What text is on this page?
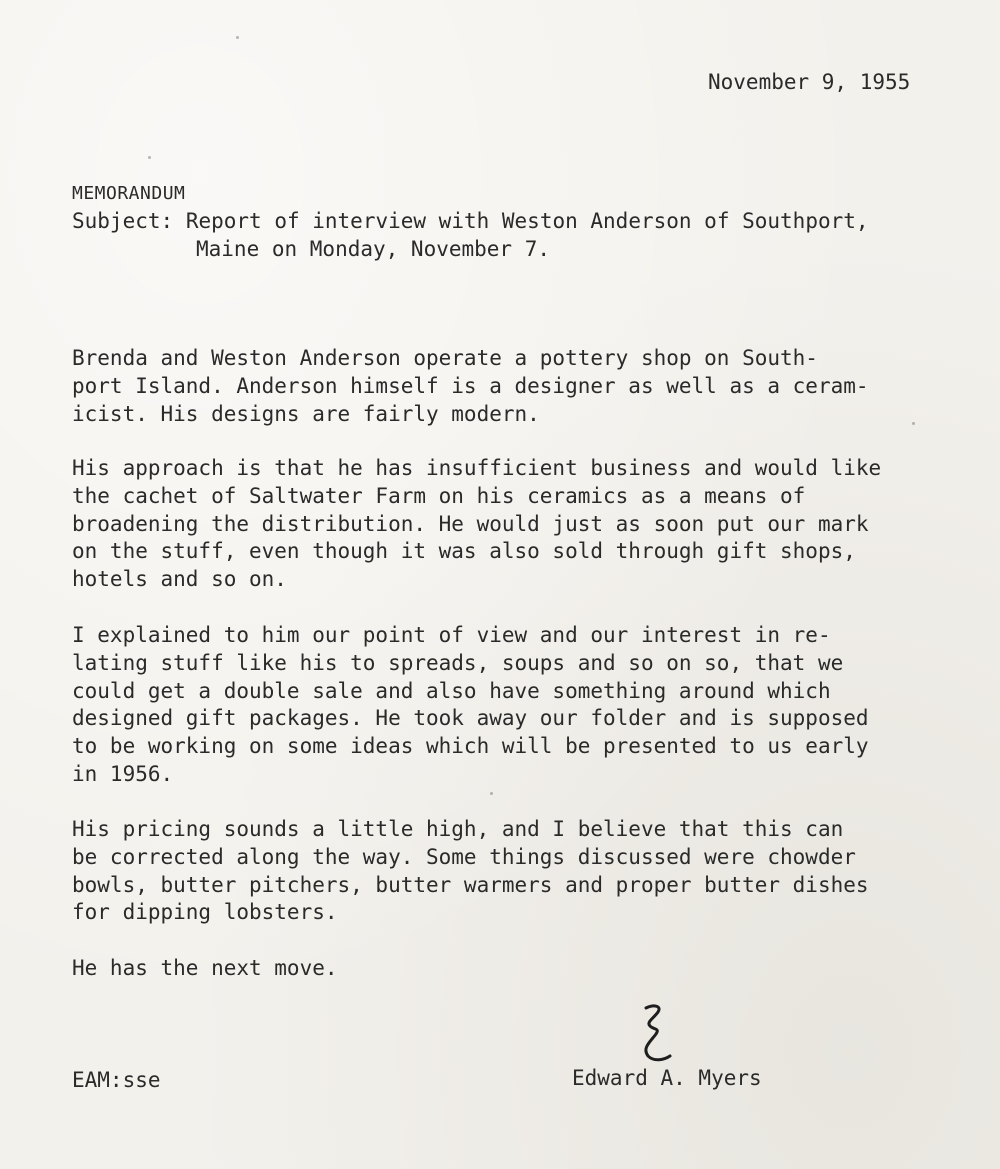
November 9, 1955
MEMORANDUM
Subject: Report of interview with Weston Anderson of Southport,
Maine on Monday, November 7.
Brenda and Weston Anderson operate a pottery shop on South-
port Island. Anderson himself is a designer as well as a ceram-
icist. His designs are fairly modern.
His approach is that he has insufficient business and would like
the cachet of Saltwater Farm on his ceramics as a means of
broadening the distribution. He would just as soon put our mark
on the stuff, even though it was also sold through gift shops,
hotels and so on.
I explained to him our point of view and our interest in re-
lating stuff like his to spreads, soups and so on so, that we
could get a double sale and also have something around which
designed gift packages. He took away our folder and is supposed
to be working on some ideas which will be presented to us early
in 1956.
His pricing sounds a little high, and I believe that this can
be corrected along the way. Some things discussed were chowder
bowls, butter pitchers, butter warmers and proper butter dishes
for dipping lobsters.
He has the next move.
EAM:sse	Edward A. Myers
